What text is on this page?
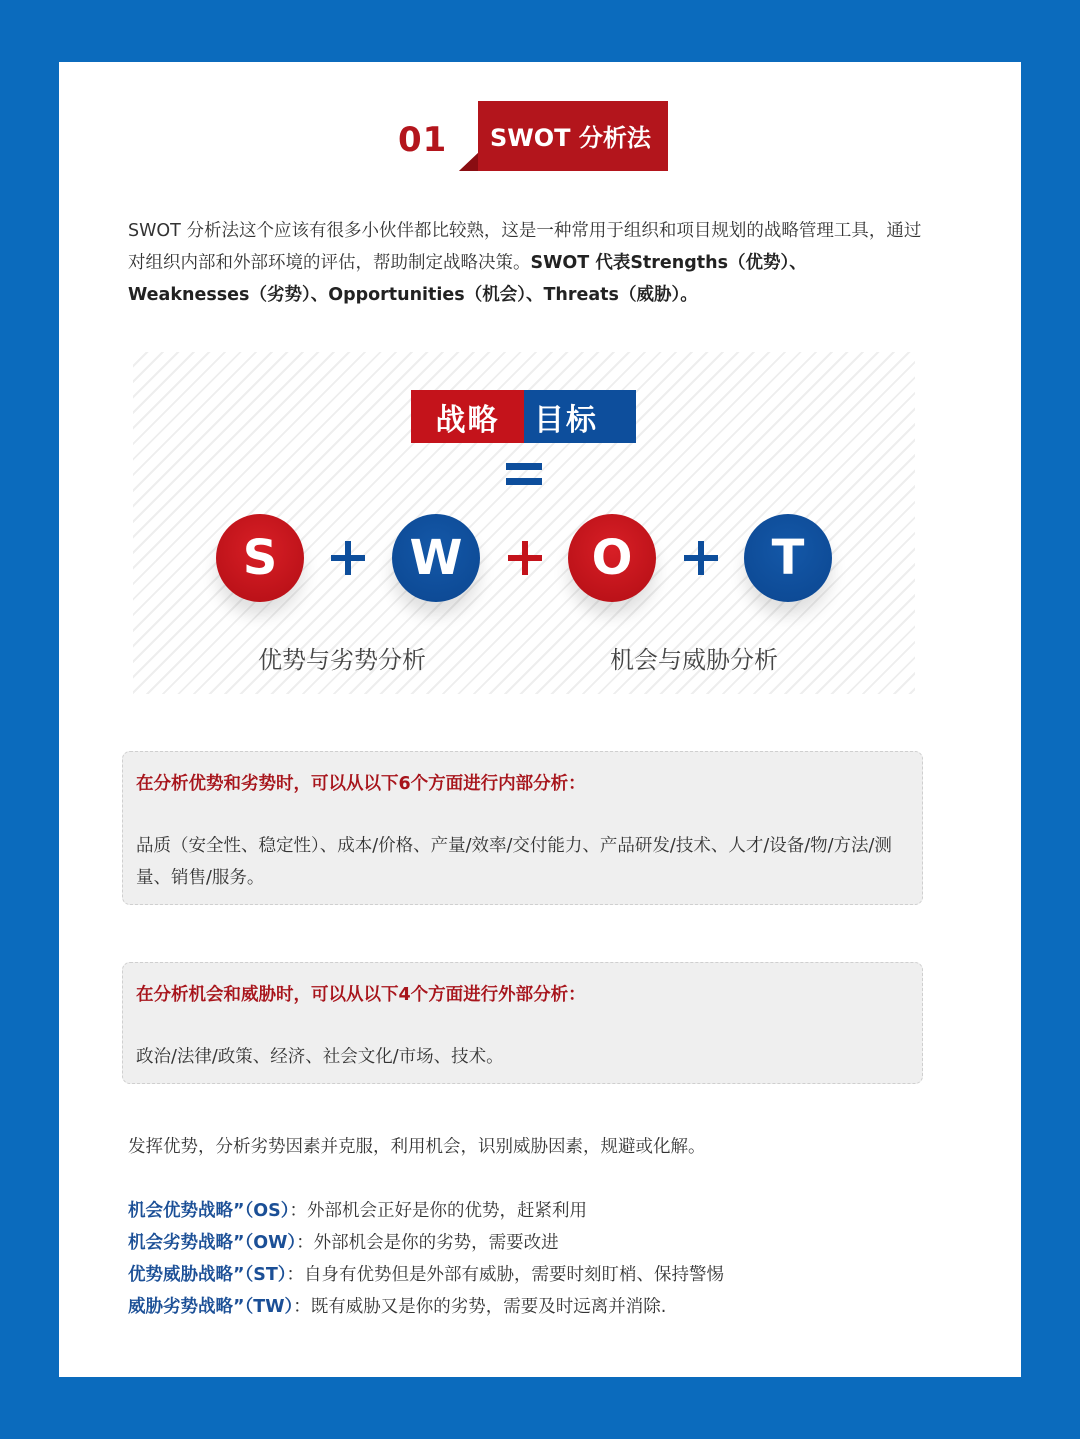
01 SWOT 分析法
SWOT 分析法这个应该有很多小伙伴都比较熟，这是一种常用于组织和项目规划的战略管理工具，通过对组织内部和外部环境的评估，帮助制定战略决策。SWOT 代表Strengths（优势）、Weaknesses（劣势）、Opportunities（机会）、Threats（威胁）。
战略	目标
S	W	O	T
优势与劣势分析	机会与威胁分析
在分析优势和劣势时，可以从以下6个方面进行内部分析：
品质（安全性、稳定性）、成本/价格、产量/效率/交付能力、产品研发/技术、人才/设备/物/方法/测量、销售/服务。
在分析机会和威胁时，可以从以下4个方面进行外部分析：
政治/法律/政策、经济、社会文化/市场、技术。
发挥优势，分析劣势因素并克服，利用机会，识别威胁因素，规避或化解。
机会优势战略”（OS）：外部机会正好是你的优势，赶紧利用
机会劣势战略”（OW）：外部机会是你的劣势，需要改进
优势威胁战略”（ST）：自身有优势但是外部有威胁，需要时刻盯梢、保持警惕
威胁劣势战略”（TW）：既有威胁又是你的劣势，需要及时远离并消除.
